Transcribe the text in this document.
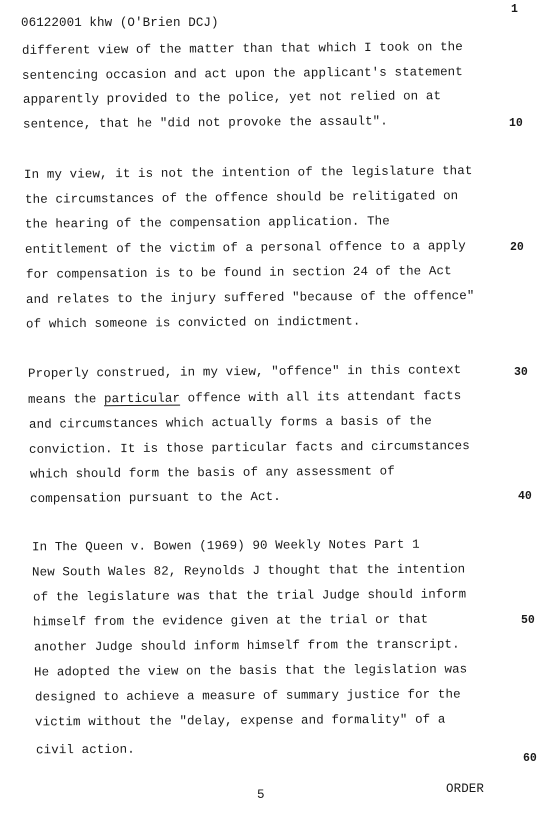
1
06122001 khw (O'Brien DCJ)
different view of the matter than that which I took on the
sentencing occasion and act upon the applicant's statement
apparently provided to the police, yet not relied on at
sentence, that he "did not provoke the assault".
In my view, it is not the intention of the legislature that
the circumstances of the offence should be relitigated on
the hearing of the compensation application. The
entitlement of the victim of a personal offence to a apply
for compensation is to be found in section 24 of the Act
and relates to the injury suffered "because of the offence"
of which someone is convicted on indictment.
Properly construed, in my view, "offence" in this context
means the particular offence with all its attendant facts
and circumstances which actually forms a basis of the
conviction. It is those particular facts and circumstances
which should form the basis of any assessment of
compensation pursuant to the Act.
In The Queen v. Bowen (1969) 90 Weekly Notes Part 1
New South Wales 82, Reynolds J thought that the intention
of the legislature was that the trial Judge should inform
himself from the evidence given at the trial or that
another Judge should inform himself from the transcript.
He adopted the view on the basis that the legislation was
designed to achieve a measure of summary justice for the
victim without the "delay, expense and formality" of a
civil action.
10
20
30
40
50
60
5	ORDER
